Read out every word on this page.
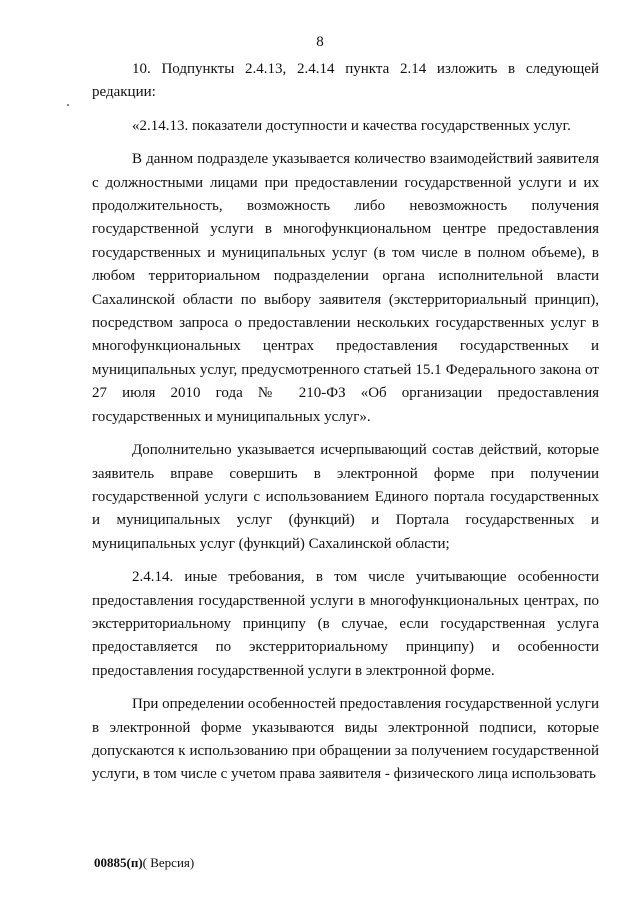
8

10. Подпункты 2.4.13, 2.4.14 пункта 2.14 изложить в следующей редакции:

«2.14.13. показатели доступности и качества государственных услуг.

В данном подразделе указывается количество взаимодействий заявителя с должностными лицами при предоставлении государственной услуги и их продолжительность, возможность либо невозможность получения государственной услуги в многофункциональном центре предоставления государственных и муниципальных услуг (в том числе в полном объеме), в любом территориальном подразделении органа исполнительной власти Сахалинской области по выбору заявителя (экстерриториальный принцип), посредством запроса о предоставлении нескольких государственных услуг в многофункциональных центрах предоставления государственных и муниципальных услуг, предусмотренного статьей 15.1 Федерального закона от 27 июля 2010 года № 210-ФЗ «Об организации предоставления государственных и муниципальных услуг».

Дополнительно указывается исчерпывающий состав действий, которые заявитель вправе совершить в электронной форме при получении государственной услуги с использованием Единого портала государственных и муниципальных услуг (функций) и Портала государственных и муниципальных услуг (функций) Сахалинской области;

2.4.14. иные требования, в том числе учитывающие особенности предоставления государственной услуги в многофункциональных центрах, по экстерриториальному принципу (в случае, если государственная услуга предоставляется по экстерриториальному принципу) и особенности предоставления государственной услуги в электронной форме.

При определении особенностей предоставления государственной услуги в электронной форме указываются виды электронной подписи, которые допускаются к использованию при обращении за получением государственной услуги, в том числе с учетом права заявителя - физического лица использовать

00885(п)( Версия)
